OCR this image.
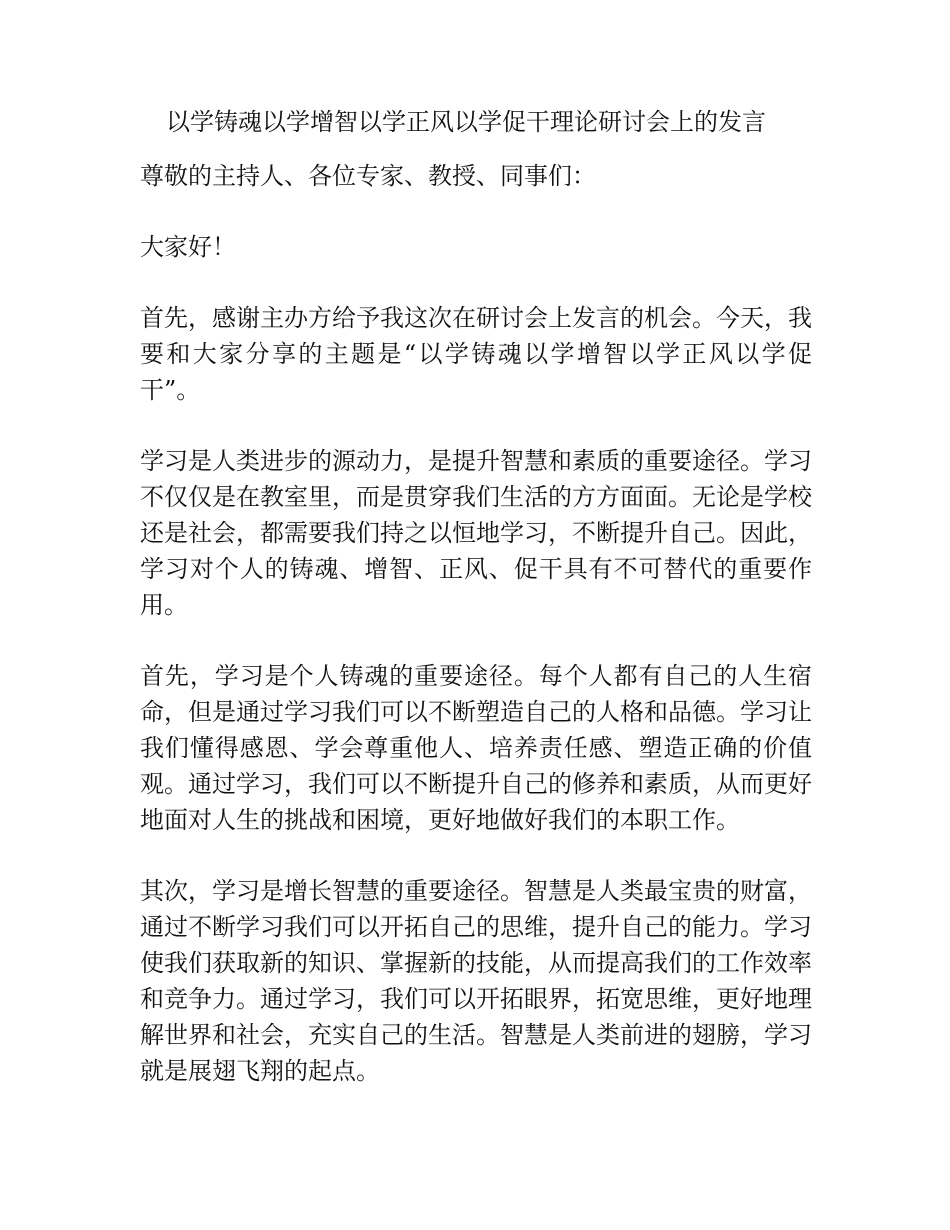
以学铸魂以学增智以学正风以学促干理论研讨会上的发言

尊敬的主持人、各位专家、教授、同事们：

大家好！

首先，感谢主办方给予我这次在研讨会上发言的机会。今天，我要和大家分享的主题是“以学铸魂以学增智以学正风以学促干”。

学习是人类进步的源动力，是提升智慧和素质的重要途径。学习不仅仅是在教室里，而是贯穿我们生活的方方面面。无论是学校还是社会，都需要我们持之以恒地学习，不断提升自己。因此，学习对个人的铸魂、增智、正风、促干具有不可替代的重要作用。

首先，学习是个人铸魂的重要途径。每个人都有自己的人生宿命，但是通过学习我们可以不断塑造自己的人格和品德。学习让我们懂得感恩、学会尊重他人、培养责任感、塑造正确的价值观。通过学习，我们可以不断提升自己的修养和素质，从而更好地面对人生的挑战和困境，更好地做好我们的本职工作。

其次，学习是增长智慧的重要途径。智慧是人类最宝贵的财富，通过不断学习我们可以开拓自己的思维，提升自己的能力。学习使我们获取新的知识、掌握新的技能，从而提高我们的工作效率和竞争力。通过学习，我们可以开拓眼界，拓宽思维，更好地理解世界和社会，充实自己的生活。智慧是人类前进的翅膀，学习就是展翅飞翔的起点。
